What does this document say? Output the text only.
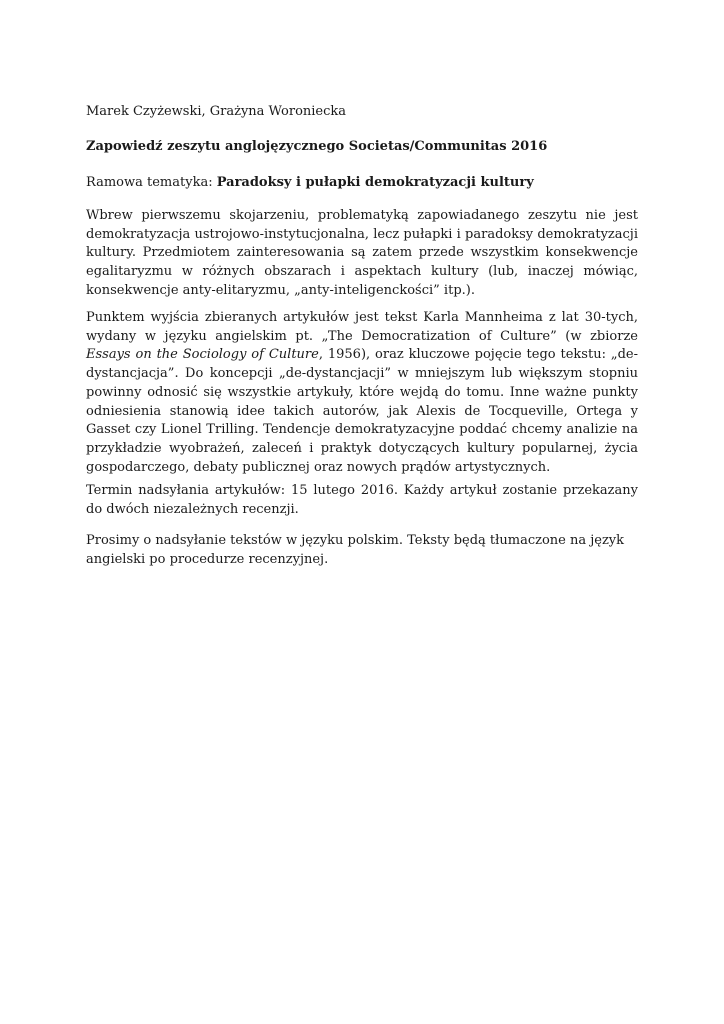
Marek Czyżewski, Grażyna Woroniecka

Zapowiedź zeszytu anglojęzycznego Societas/Communitas 2016

Ramowa tematyka: Paradoksy i pułapki demokratyzacji kultury

Wbrew pierwszemu skojarzeniu, problematyką zapowiadanego zeszytu nie jest demokratyzacja ustrojowo-instytucjonalna, lecz pułapki i paradoksy demokratyzacji kultury. Przedmiotem zainteresowania są zatem przede wszystkim konsekwencje egalitaryzmu w różnych obszarach i aspektach kultury (lub, inaczej mówiąc, konsekwencje anty-elitaryzmu, „anty-inteligenckości” itp.).

Punktem wyjścia zbieranych artykułów jest tekst Karla Mannheima z lat 30-tych, wydany w języku angielskim pt. „The Democratization of Culture” (w zbiorze Essays on the Sociology of Culture, 1956), oraz kluczowe pojęcie tego tekstu: „de-dystancjacja”. Do koncepcji „de-dystancjacji” w mniejszym lub większym stopniu powinny odnosić się wszystkie artykuły, które wejdą do tomu. Inne ważne punkty odniesienia stanowią idee takich autorów, jak Alexis de Tocqueville, Ortega y Gasset czy Lionel Trilling. Tendencje demokratyzacyjne poddać chcemy analizie na przykładzie wyobrażeń, zaleceń i praktyk dotyczących kultury popularnej, życia gospodarczego, debaty publicznej oraz nowych prądów artystycznych.

Termin nadsyłania artykułów: 15 lutego 2016. Każdy artykuł zostanie przekazany do dwóch niezależnych recenzji.

Prosimy o nadsyłanie tekstów w języku polskim. Teksty będą tłumaczone na język angielski po procedurze recenzyjnej.
